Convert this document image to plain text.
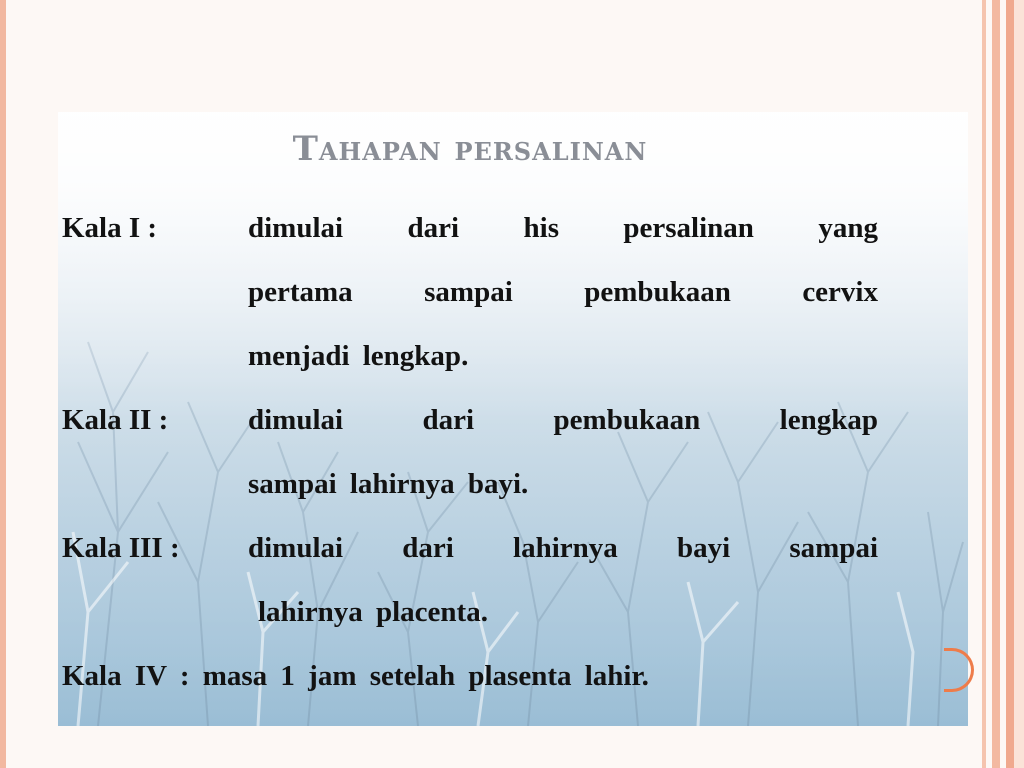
Tahapan persalinan
Kala I :	dimulai dari his persalinan yang
pertama sampai pembukaan cervix
menjadi lengkap.
Kala II :	dimulai dari pembukaan lengkap
sampai lahirnya bayi.
Kala III : dimulai dari lahirnya bayi sampai
lahirnya placenta.
Kala IV : masa 1 jam setelah plasenta lahir.
